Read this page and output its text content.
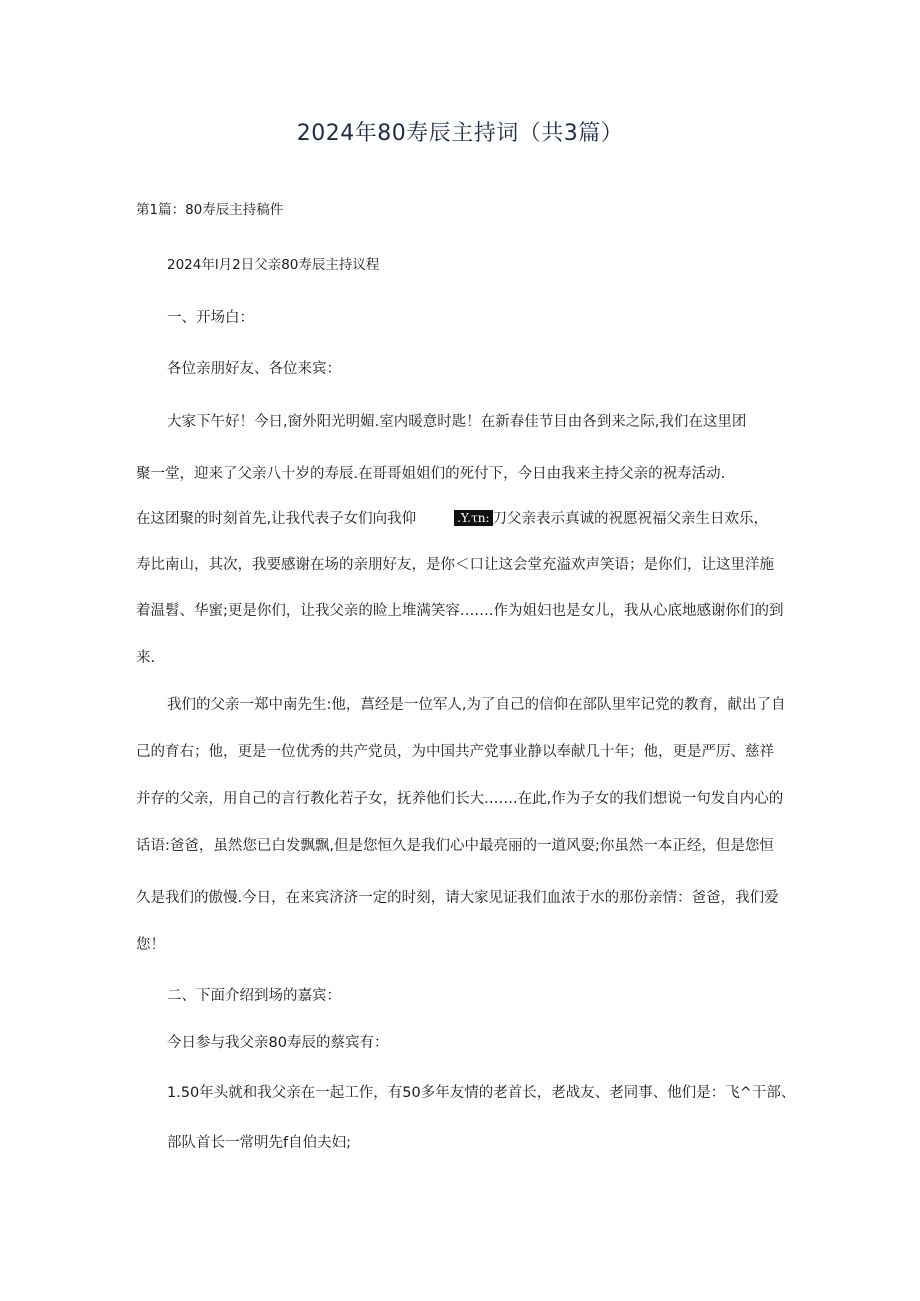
2024年80寿辰主持词（共3篇）
第1篇：80寿辰主持稿件
2024年l月2日父亲80寿辰主持议程
一、开场白：
各位亲朋好友、各位来宾：
大家下午好！今日,窗外阳光明媚.室内暖意时匙！在新春佳节目由各到来之际,我们在这里团
聚一堂，迎来了父亲八十岁的寿辰.在哥哥姐姐们的死付下，今日由我来主持父亲的祝寿活动.
在这团聚的时刻首先,让我代表子女们向我仰	.Y.τn: 刀父亲表示真诚的祝愿祝福父亲生日欢乐，
寿比南山，其次，我要感谢在场的亲朋好友，是你＜口让这会堂充溢欢声笑语；是你们，让这里洋施
着温髫、华蜜;更是你们，让我父亲的睑上堆满笑容…….作为姐妇也是女儿，我从心底地感谢你们的到
来.
我们的父亲一郑中南先生:他，菖经是一位军人,为了自己的信仰在部队里牢记党的教育，献出了自
己的育右；他，更是一位优秀的共产党员，为中国共产党事业静以奉献几十年；他，更是严厉、慈祥
并存的父亲，用自己的言行教化若子女，抚养他们长大…….在此,作为子女的我们想说一句发自内心的
话语:爸爸，虽然您已白发飘飘,但是您恒久是我们心中最亮丽的一道风耍;你虽然一本正经，但是您恒
久是我们的傲慢.今日，在来宾济济一定的时刻，请大家见证我们血浓于水的那份亲情：爸爸，我们爱
您！
二、下面介绍到场的嘉宾：
今日参与我父亲80寿辰的蔡宾有：
1.50年头就和我父亲在一起工作，有50多年友情的老首长，老战友、老同事、他们是：飞^干部、
部队首长一常明先f自伯夫妇;
